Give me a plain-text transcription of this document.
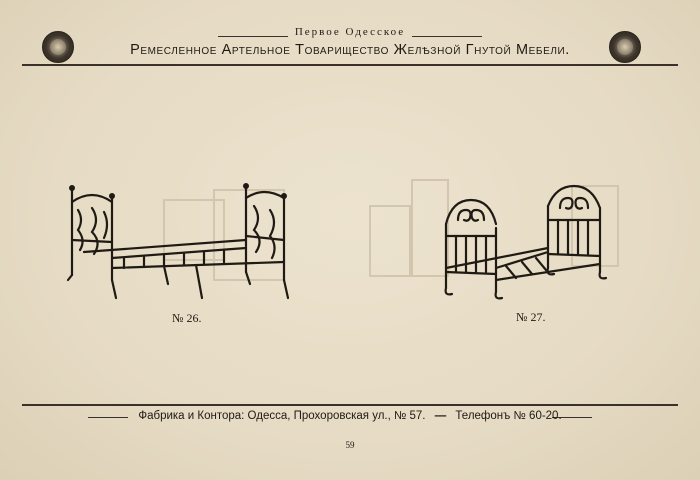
Первое Одесское
Ремесленное Артельное Товарищество Желѣзной Гнутой Мебели.
№ 26.	№ 27.
Фабрика и Контора: Одесса, Прохоровская ул., № 57. — Телефонъ № 60-20.
59
